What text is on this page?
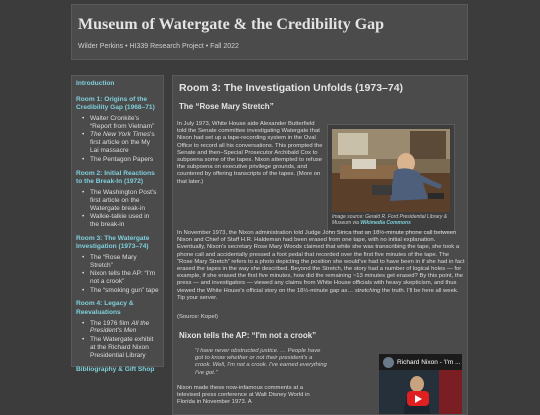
Museum of Watergate & the Credibility Gap
Wilder Perkins • HI339 Research Project • Fall 2022
Introduction
Room 1: Origins of the Credibility Gap (1968–71)
• Walter Cronkite's “Report from Vietnam”
• The New York Times's first article on the My Lai massacre
• The Pentagon Papers
Room 2: Initial Reactions to the Break-In (1972)
• The Washington Post's first article on the Watergate break-in
• Walkie-talkie used in the break-in
Room 3: The Watergate Investigation (1973–74)
• The “Rose Mary Stretch”
• Nixon tells the AP: “I'm not a crook”
• The “smoking gun” tape
Room 4: Legacy & Reevaluations
• The 1976 film All the President's Men
• The Watergate exhibit at the Richard Nixon Presidential Library
Bibliography & Gift Shop
Room 3: The Investigation Unfolds (1973–74)
The “Rose Mary Stretch”
In July 1973, White House aide Alexander Butterfield told the Senate committee investigating Watergate that Nixon had set up a tape-recording system in the Oval Office to record all his conversations. This prompted the Senate and then–Special Prosecutor Archibald Cox to subpoena some of the tapes. Nixon attempted to refuse the subpoena on executive privilege grounds, and countered by offering transcripts of the tapes. (More on that later.)
Image source: Gerald R. Ford Presidential Library & Museum via Wikimedia Commons
In November 1973, the Nixon administration told Judge John Sirica that an 18½-minute phone call between Nixon and Chief of Staff H.R. Haldeman had been erased from one tape, with no initial explanation. Eventually, Nixon's secretary Rose Mary Woods claimed that while she was transcribing the tape, she took a phone call and accidentally pressed a foot pedal that recorded over the first five minutes of the tape. The “Rose Mary Stretch” refers to a photo depicting the position she would've had to have been in if she had in fact erased the tapes in the way she described. Beyond the Stretch, the story had a number of logical holes — for example, if she erased the first five minutes, how did the remaining ~13 minutes get erased? By this point, the press — and investigators — viewed any claims from White House officials with heavy skepticism, and thus viewed the White House's official story on the 18½-minute gap as… stretching the truth. I'll be here all week. Tip your server.
(Source: Kopel)
Nixon tells the AP: “I'm not a crook”
“I have never obstructed justice. … People have got to know whether or not their president's a crook. Well, I'm not a crook. I've earned everything I've got.”
Nixon made these now-infamous comments at a televised press conference at Walt Disney World in Florida in November 1973. A
Richard Nixon - 'I'm ...
